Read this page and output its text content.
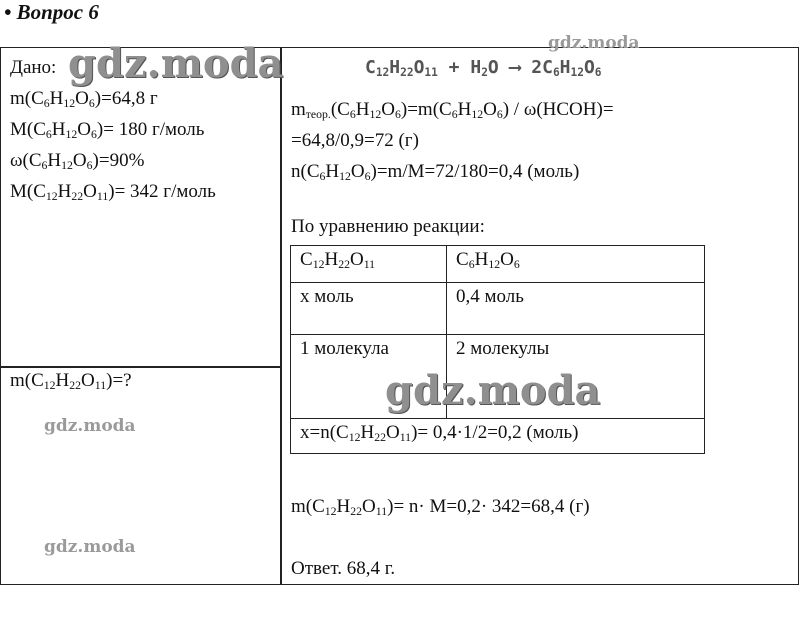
• Вопрос 6
Дано:
$m(C_6H_{12}O_6)=64,8$ г
$M(C_6H_{12}O_6)= 180$ г/моль
$\omega(C_6H_{12}O_6)=90\%$
$M(C_{12}H_{22}O_{11})= 342$ г/моль
$m(C_{12}H_{22}O_{11})=$?
$C_{12}H_{22}O_{11} + H_2O$ ⟶ $2C_6H_{12}O_6$
$m_{теор.}(C_6H_{12}O_6)=m(C_6H_{12}O_6)$ / ω(HCOH)=
=64,8/0,9=72 (г)
$n(C_6H_{12}O_6)=m/M=72/180=0,4$ (моль)
По уравнению реакции:
$C_{12}H_{22}O_{11}$	$C_6H_{12}O_6$
x моль	0,4 моль
1 молекула	2 молекулы
$x=n(C_{12}H_{22}O_{11})= 0,4\cdot 1/2=0,2$ (моль)	
$m(C_{12}H_{22}O_{11})= n\cdot M=0,2\cdot 342=68,4$ (г)
Ответ. 68,4 г.
gdz.moda	gdz.moda
gdz.moda
gdz.moda
gdz.moda
